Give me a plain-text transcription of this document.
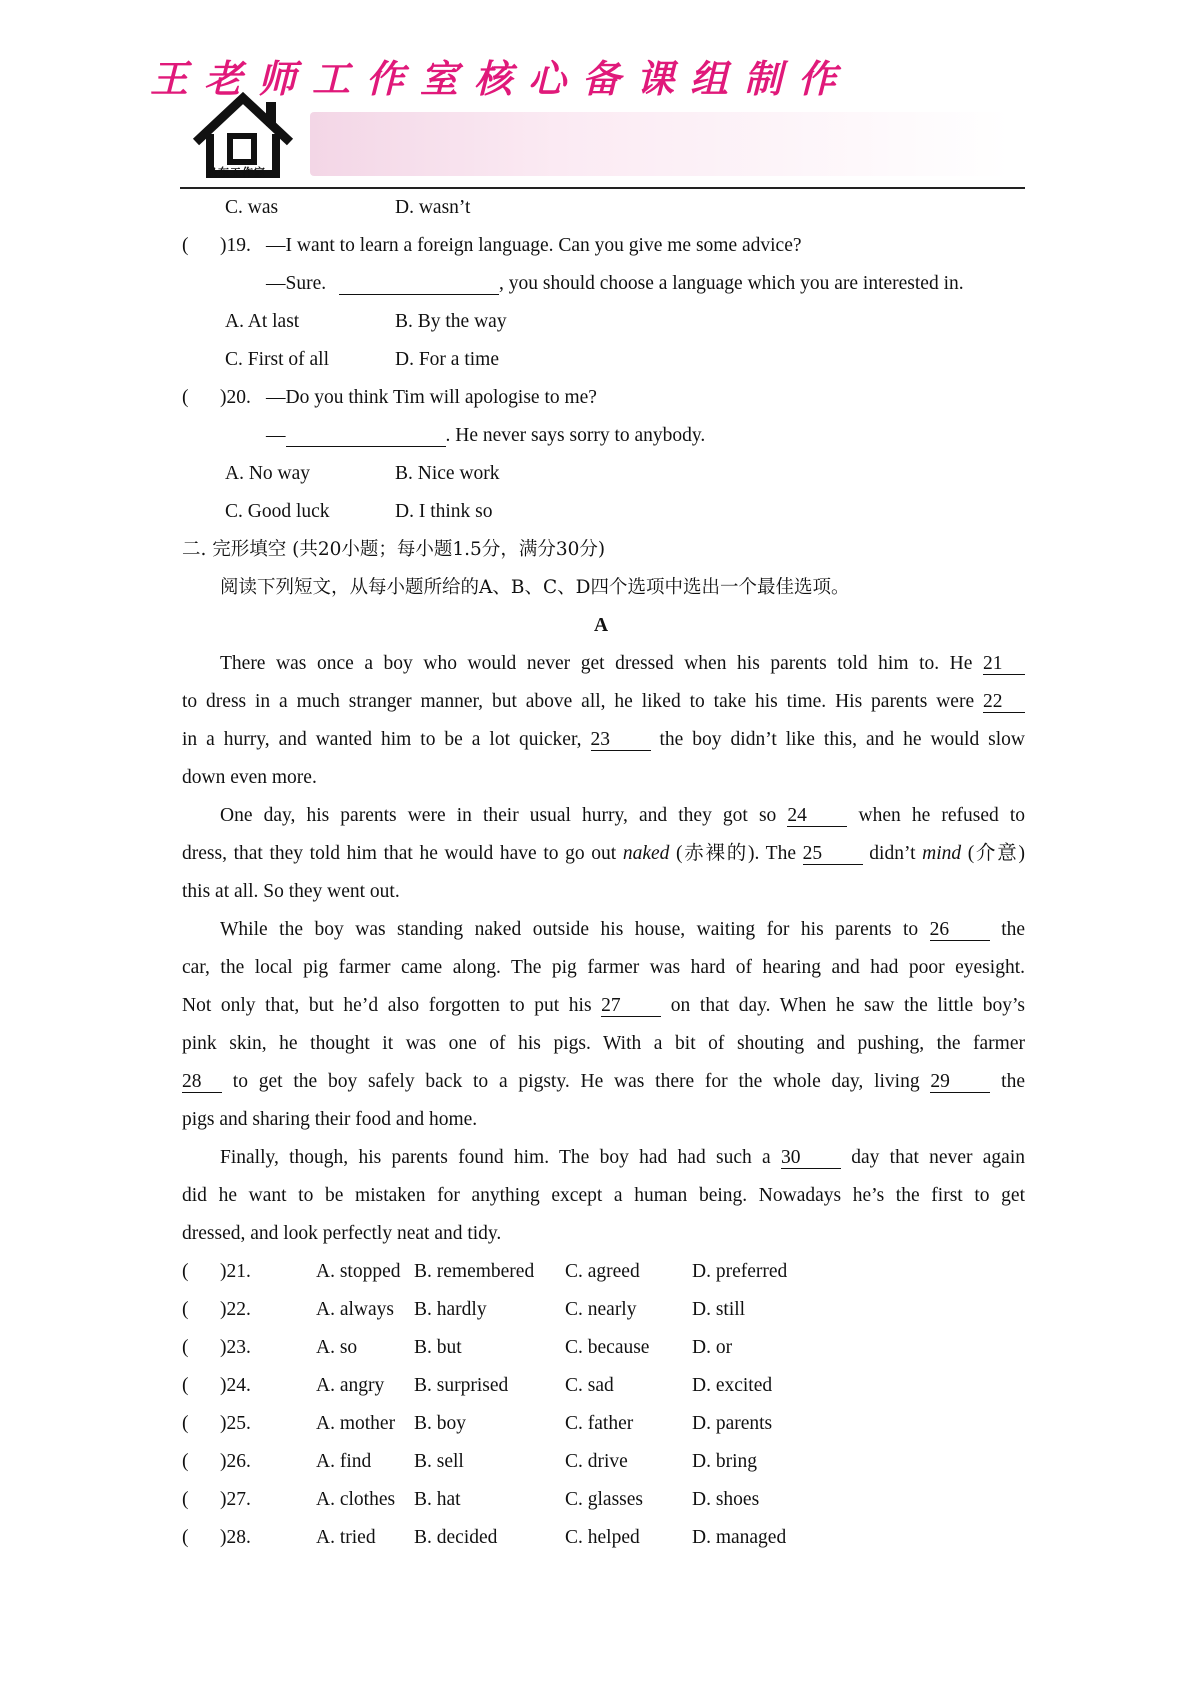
泉东工作室
王老师工作室核心备课组制作
C. was	D. wasn’t
( )19. —I want to learn a foreign language. Can you give me some advice?
—Sure.	, you should choose a language which you are interested in.
A. At last	B. By the way
C. First of all	D. For a time
( )20. —Do you think Tim will apologise to me?
—	. He never says sorry to anybody.
A. No way	B. Nice work
C. Good luck	D. I think so
二. 完形填空 (共20小题；每小题1.5分，满分30分)
阅读下列短文，从每小题所给的A、B、C、D四个选项中选出一个最佳选项。
A
There was once a boy who would never get dressed when his parents told him to. He 21
to dress in a much stranger manner, but above all, he liked to take his time. His parents were 22
in a hurry, and wanted him to be a lot quicker, 23	the boy didn’t like this, and he would slow
down even more.
One day, his parents were in their usual hurry, and they got so 24	when he refused to
dress, that they told him that he would have to go out naked (赤裸的). The 25 didn’t mind (介意)
this at all. So they went out.
While the boy was standing naked outside his house, waiting for his parents to 26	the
car, the local pig farmer came along. The pig farmer was hard of hearing and had poor eyesight.
Not only that, but he’d also forgotten to put his 27	on that day. When he saw the little boy’s
pink skin, he thought it was one of his pigs. With a bit of shouting and pushing, the farmer
28 to get the boy safely back to a pigsty. He was there for the whole day, living 29	the
pigs and sharing their food and home.
Finally, though, his parents found him. The boy had had such a 30	day that never again
did he want to be mistaken for anything except a human being. Nowadays he’s the first to get
dressed, and look perfectly neat and tidy.
( )21.	A. stopped B. remembered C. agreed	D. preferred
( )22.	A. always B. hardly	C. nearly	D. still
( )23.	A. so	B. but	C. because D. or
( )24.	A. angry B. surprised	C. sad	D. excited
( )25.	A. mother B. boy	C. father	D. parents
( )26.	A. find B. sell	C. drive	D. bring
( )27.	A. clothes B. hat	C. glasses	D. shoes
( )28.	A. tried B. decided	C. helped	D. managed
